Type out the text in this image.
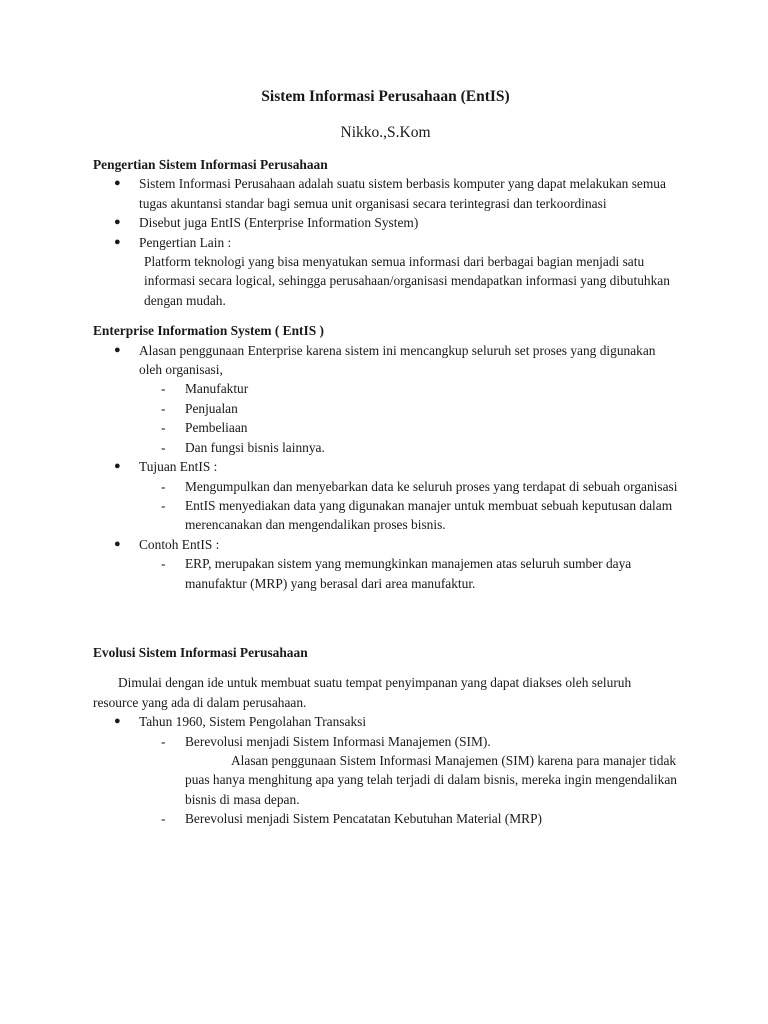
Sistem Informasi Perusahaan (EntIS)

Nikko.,S.Kom

Pengertian Sistem Informasi Perusahaan

● Sistem Informasi Perusahaan adalah suatu sistem berbasis komputer yang dapat melakukan semua tugas akuntansi standar bagi semua unit organisasi secara terintegrasi dan terkoordinasi
● Disebut juga EntIS (Enterprise Information System)
● Pengertian Lain :
Platform teknologi yang bisa menyatukan semua informasi dari berbagai bagian menjadi satu informasi secara logical, sehingga perusahaan/organisasi mendapatkan informasi yang dibutuhkan dengan mudah.

Enterprise Information System ( EntIS )

● Alasan penggunaan Enterprise karena sistem ini mencangkup seluruh set proses yang digunakan oleh organisasi,
- Manufaktur
- Penjualan
- Pembeliaan
- Dan fungsi bisnis lainnya.
● Tujuan EntIS :
- Mengumpulkan dan menyebarkan data ke seluruh proses yang terdapat di sebuah organisasi
- EntIS menyediakan data yang digunakan manajer untuk membuat sebuah keputusan dalam merencanakan dan mengendalikan proses bisnis.
● Contoh EntIS :
- ERP, merupakan sistem yang memungkinkan manajemen atas seluruh sumber daya manufaktur (MRP) yang berasal dari area manufaktur.

Evolusi Sistem Informasi Perusahaan

Dimulai dengan ide untuk membuat suatu tempat penyimpanan yang dapat diakses oleh seluruh resource yang ada di dalam perusahaan.

● Tahun 1960, Sistem Pengolahan Transaksi
- Berevolusi menjadi Sistem Informasi Manajemen (SIM).
Alasan penggunaan Sistem Informasi Manajemen (SIM) karena para manajer tidak puas hanya menghitung apa yang telah terjadi di dalam bisnis, mereka ingin mengendalikan bisnis di masa depan.
- Berevolusi menjadi Sistem Pencatatan Kebutuhan Material (MRP)
